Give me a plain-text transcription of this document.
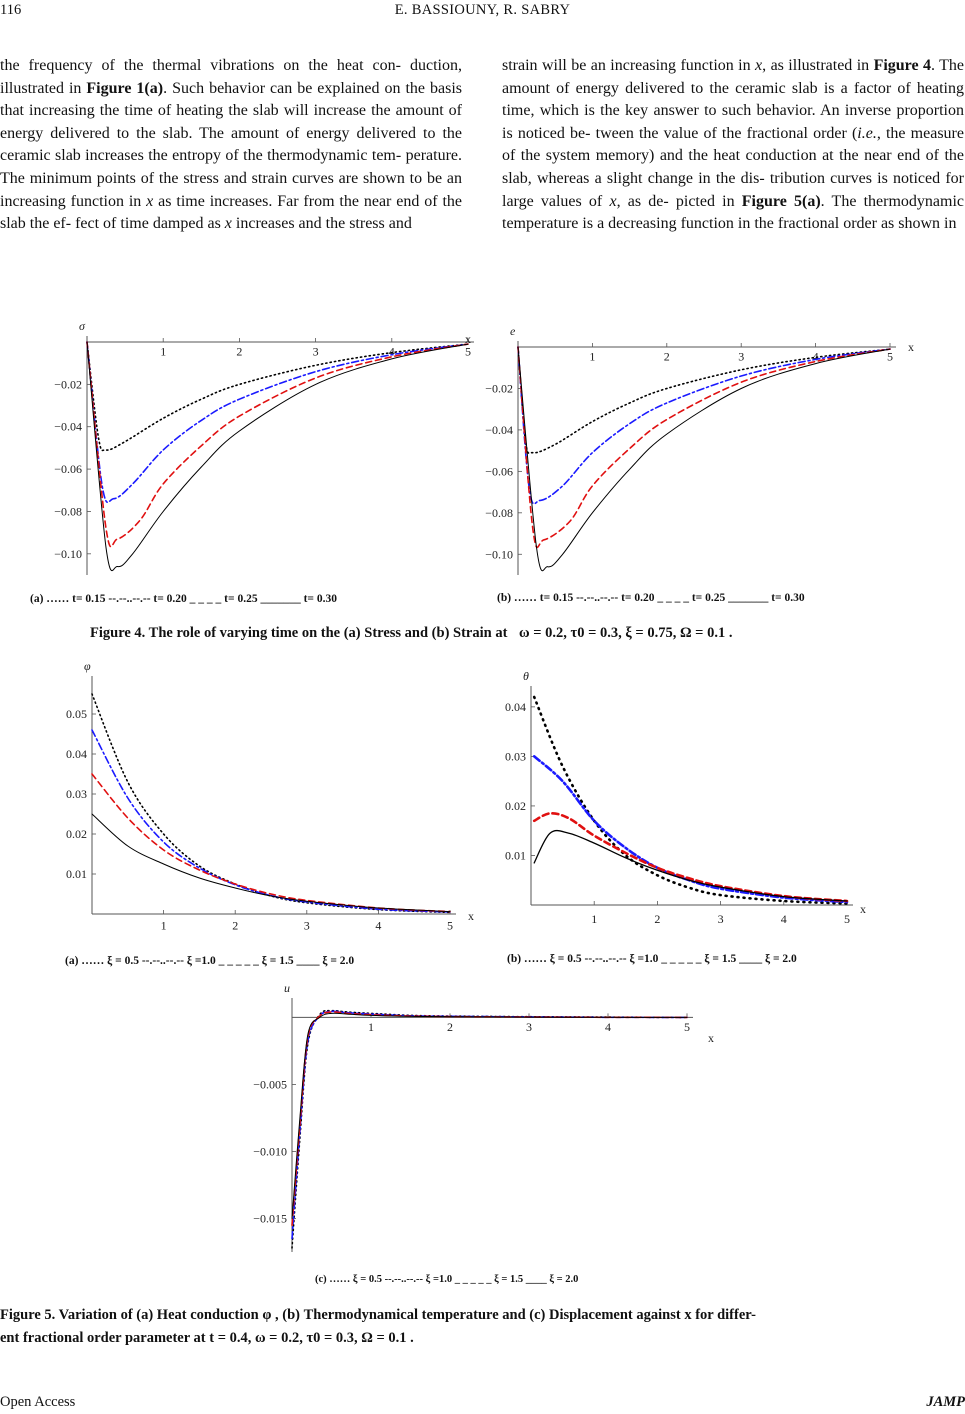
116	E. BASSIOUNY, R. SABRY
the frequency of the thermal vibrations on the heat con- duction, illustrated in Figure 1(a). Such behavior can be explained on the basis that increasing the time of heating the slab will increase the amount of energy delivered to the slab. The amount of energy delivered to the ceramic slab increases the entropy of the thermodynamic tem- perature. The minimum points of the stress and strain curves are shown to be an increasing function in x as time increases. Far from the near end of the slab the ef- fect of time damped as x increases and the stress and
strain will be an increasing function in x, as illustrated in Figure 4. The amount of energy delivered to the ceramic slab is a factor of heating time, which is the key answer to such behavior. An inverse proportion is noticed be- tween the value of the fractional order (i.e., the measure of the system memory) and the heat conduction at the near end of the slab, whereas a slight change in the dis- tribution curves is noticed for large values of x, as de- picted in Figure 5(a). The thermodynamic temperature is a decreasing function in the fractional order as shown in
1	2	3	4	5
−0.02
−0.04
−0.06
−0.08
−0.10
σ
x
(a) …… t= 0.15 --.--..--.-- t= 0.20 _ _ _ _ t= 0.25 _______ t= 0.30
1	2	3	4	5
−0.02
−0.04
−0.06
−0.08
−0.10
e
x
(b) …… t= 0.15 --.--..--.-- t= 0.20 _ _ _ _ t= 0.25 _______ t= 0.30
Figure 4. The role of varying time on the (a) Stress and (b) Strain at ω = 0.2, τ0 = 0.3, ξ = 0.75, Ω = 0.1 .
1	2	3	4	5
0.01
0.02
0.03
0.04
0.05
φ
x
(a) …… ξ = 0.5 --.--..--.-- ξ =1.0 _ _ _ _ _ ξ = 1.5 ____ ξ = 2.0
1	2	3	4	5
0.01
0.02
0.03
0.04
θ
x
(b) …… ξ = 0.5 --.--..--.-- ξ =1.0 _ _ _ _ _ ξ = 1.5 ____ ξ = 2.0
1	2	3	4	5
−0.005
−0.010
−0.015
u
x
(c) …… ξ = 0.5 --.--..--.-- ξ =1.0 _ _ _ _ _ ξ = 1.5 ____ ξ = 2.0
Figure 5. Variation of (a) Heat conduction φ , (b) Thermodynamical temperature and (c) Displacement against x for differ-
ent fractional order parameter at t = 0.4, ω = 0.2, τ0 = 0.3, Ω = 0.1 .
Open Access	JAMP
